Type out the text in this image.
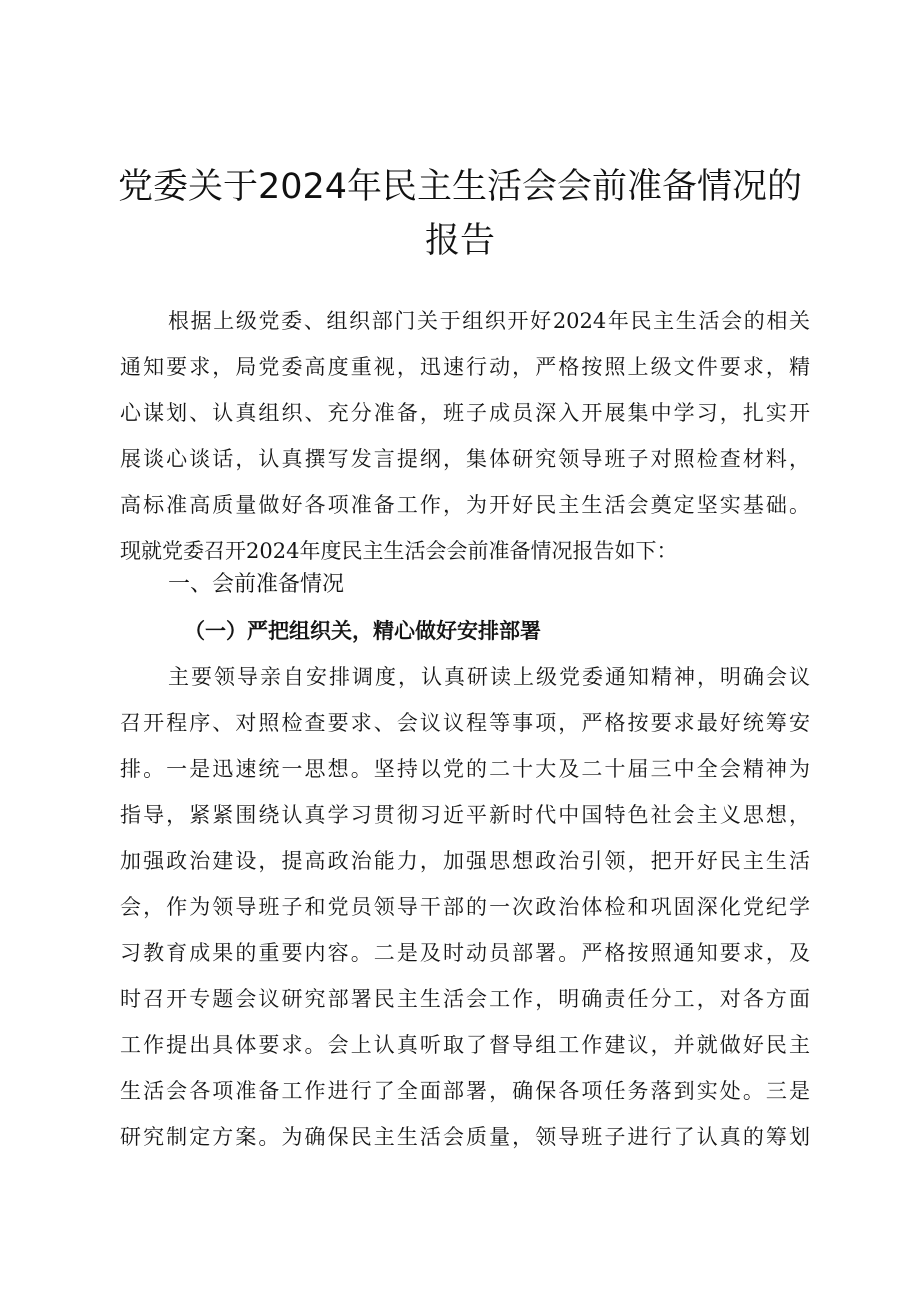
党委关于2024年民主生活会会前准备情况的
报告
根据上级党委、组织部门关于组织开好2024年民主生活会的相关
通知要求，局党委高度重视，迅速行动，严格按照上级文件要求，精
心谋划、认真组织、充分准备，班子成员深入开展集中学习，扎实开
展谈心谈话，认真撰写发言提纲，集体研究领导班子对照检查材料，
高标准高质量做好各项准备工作，为开好民主生活会奠定坚实基础。
现就党委召开2024年度民主生活会会前准备情况报告如下：
一、会前准备情况
（一）严把组织关，精心做好安排部署
主要领导亲自安排调度，认真研读上级党委通知精神，明确会议
召开程序、对照检查要求、会议议程等事项，严格按要求最好统筹安
排。一是迅速统一思想。坚持以党的二十大及二十届三中全会精神为
指导，紧紧围绕认真学习贯彻习近平新时代中国特色社会主义思想，
加强政治建设，提高政治能力，加强思想政治引领，把开好民主生活
会，作为领导班子和党员领导干部的一次政治体检和巩固深化党纪学
习教育成果的重要内容。二是及时动员部署。严格按照通知要求，及
时召开专题会议研究部署民主生活会工作，明确责任分工，对各方面
工作提出具体要求。会上认真听取了督导组工作建议，并就做好民主
生活会各项准备工作进行了全面部署，确保各项任务落到实处。三是
研究制定方案。为确保民主生活会质量，领导班子进行了认真的筹划
